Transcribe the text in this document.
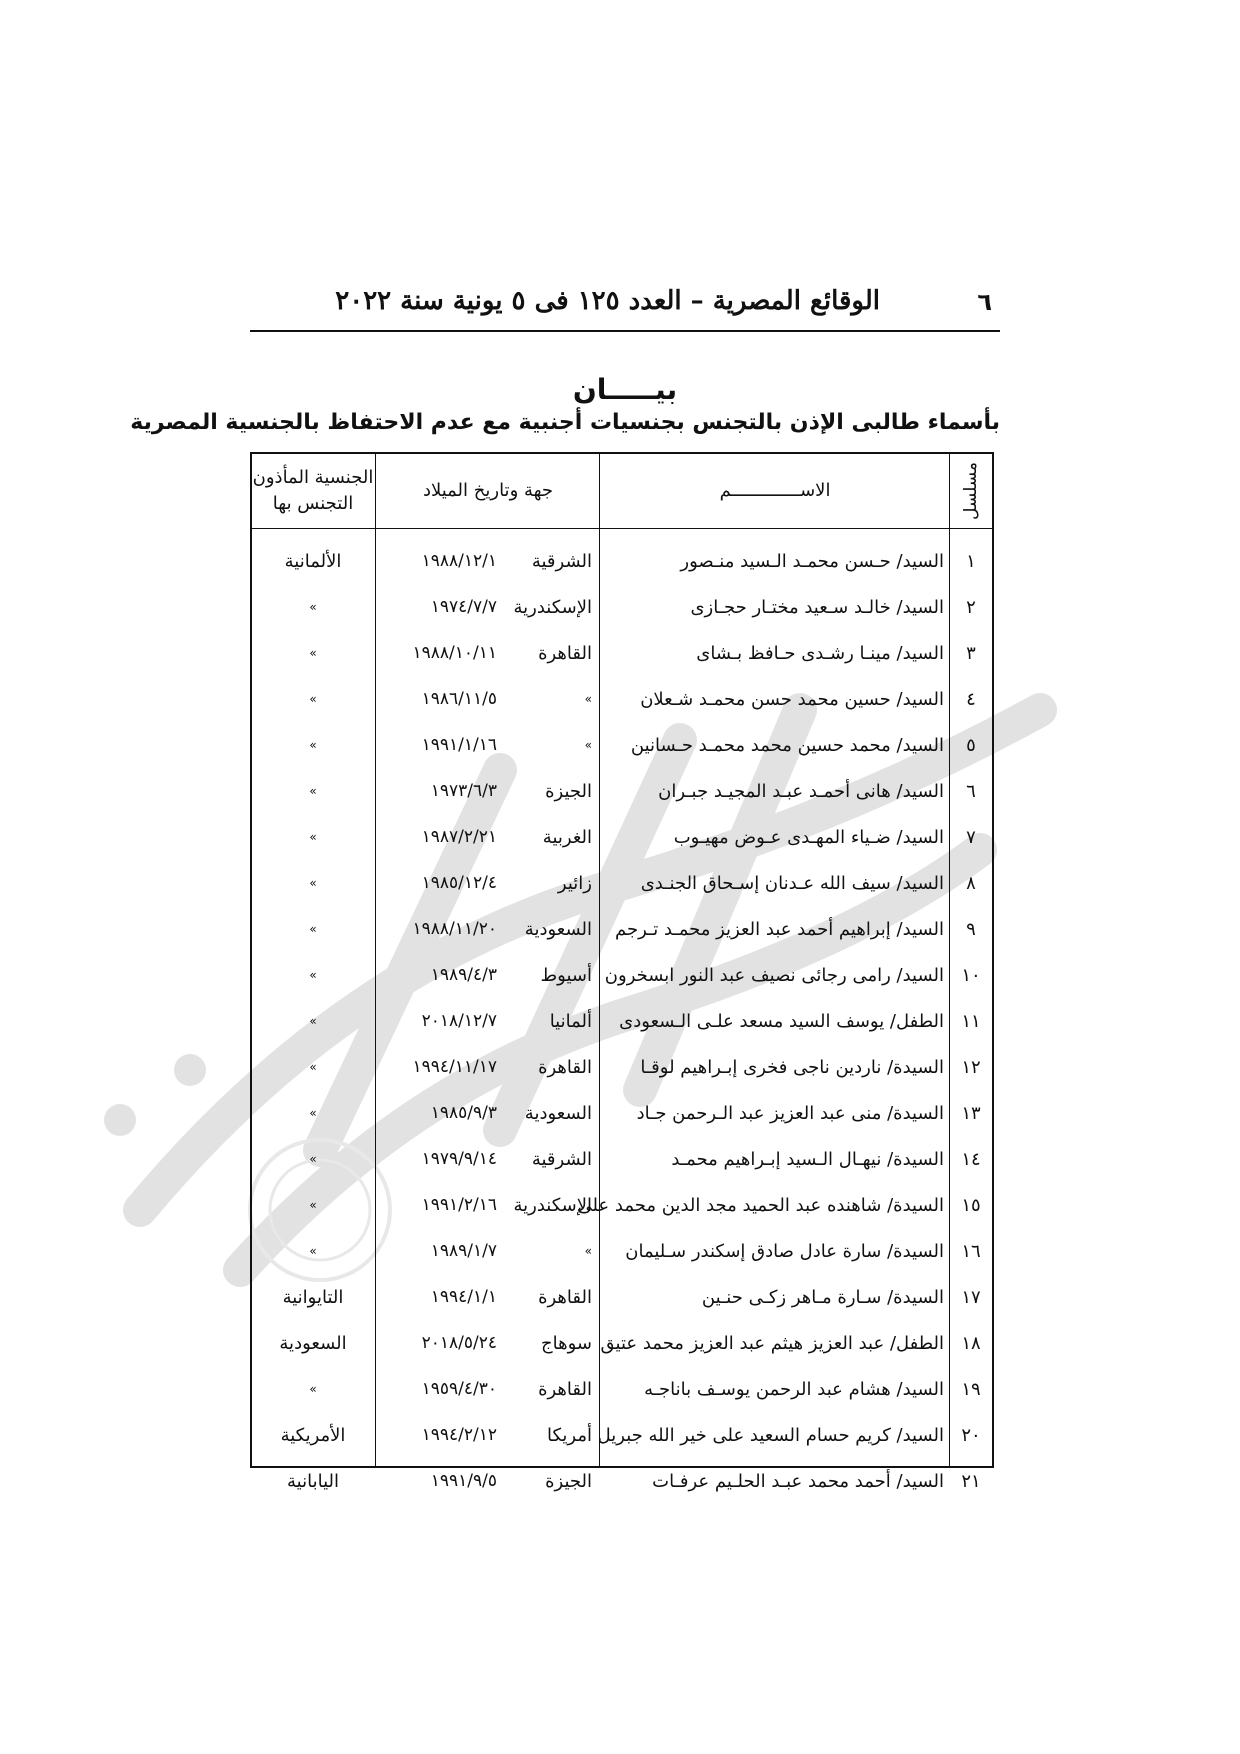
٦
الوقائع المصرية – العدد ١٢٥ فى ٥ يونية سنة ٢٠٢٢
بيـــــان
بأسماء طالبى الإذن بالتجنس بجنسيات أجنبية مع عدم الاحتفاظ بالجنسية المصرية
مسلسل
الاســـــــــــــم
جهة وتاريخ الميلاد
الجنسية المأذون التجنس بها
١
السيد/ حـسن محمـد الـسيد منـصور
الشرقية
١٩٨٨/١٢/١
الألمانية
٢
السيد/ خالـد سـعيد مختـار حجـازى
الإسكندرية
١٩٧٤/٧/٧
»
٣
السيد/ مينـا رشـدى حـافظ بـشاى
القاهرة
١٩٨٨/١٠/١١
»
٤
السيد/ حسين محمد حسن محمـد شـعلان
»
١٩٨٦/١١/٥
»
٥
السيد/ محمد حسين محمد محمـد حـسانين
»
١٩٩١/١/١٦
»
٦
السيد/ هانى أحمـد عبـد المجيـد جبـران
الجيزة
١٩٧٣/٦/٣
»
٧
السيد/ ضـياء المهـدى عـوض مهيـوب
الغربية
١٩٨٧/٢/٢١
»
٨
السيد/ سيف الله عـدنان إسـحاق الجنـدى
زائير
١٩٨٥/١٢/٤
»
٩
السيد/ إبراهيم أحمد عبد العزيز محمـد تـرجم
السعودية
١٩٨٨/١١/٢٠
»
١٠
السيد/ رامى رجائى نصيف عبد النور ابسخرون
أسيوط
١٩٨٩/٤/٣
»
١١
الطفل/ يوسف السيد مسعد علـى الـسعودى
ألمانيا
٢٠١٨/١٢/٧
»
١٢
السيدة/ ناردين ناجى فخرى إبـراهيم لوقـا
القاهرة
١٩٩٤/١١/١٧
»
١٣
السيدة/ منى عبد العزيز عبد الـرحمن جـاد
السعودية
١٩٨٥/٩/٣
»
١٤
السيدة/ نيهـال الـسيد إبـراهيم محمـد
الشرقية
١٩٧٩/٩/١٤
»
١٥
السيدة/ شاهنده عبد الحميد مجد الدين محمد على
الإسكندرية
١٩٩١/٢/١٦
»
١٦
السيدة/ سارة عادل صادق إسكندر سـليمان
»
١٩٨٩/١/٧
»
١٧
السيدة/ سـارة مـاهر زكـى حنـين
القاهرة
١٩٩٤/١/١
التايوانية
١٨
الطفل/ عبد العزيز هيثم عبد العزيز محمد عتيق
سوهاج
٢٠١٨/٥/٢٤
السعودية
١٩
السيد/ هشام عبد الرحمن يوسـف باناجـه
القاهرة
١٩٥٩/٤/٣٠
»
٢٠
السيد/ كريم حسام السعيد على خير الله جبريل
أمريكا
١٩٩٤/٢/١٢
الأمريكية
٢١
السيد/ أحمد محمد عبـد الحلـيم عرفـات
الجيزة
١٩٩١/٩/٥
اليابانية
